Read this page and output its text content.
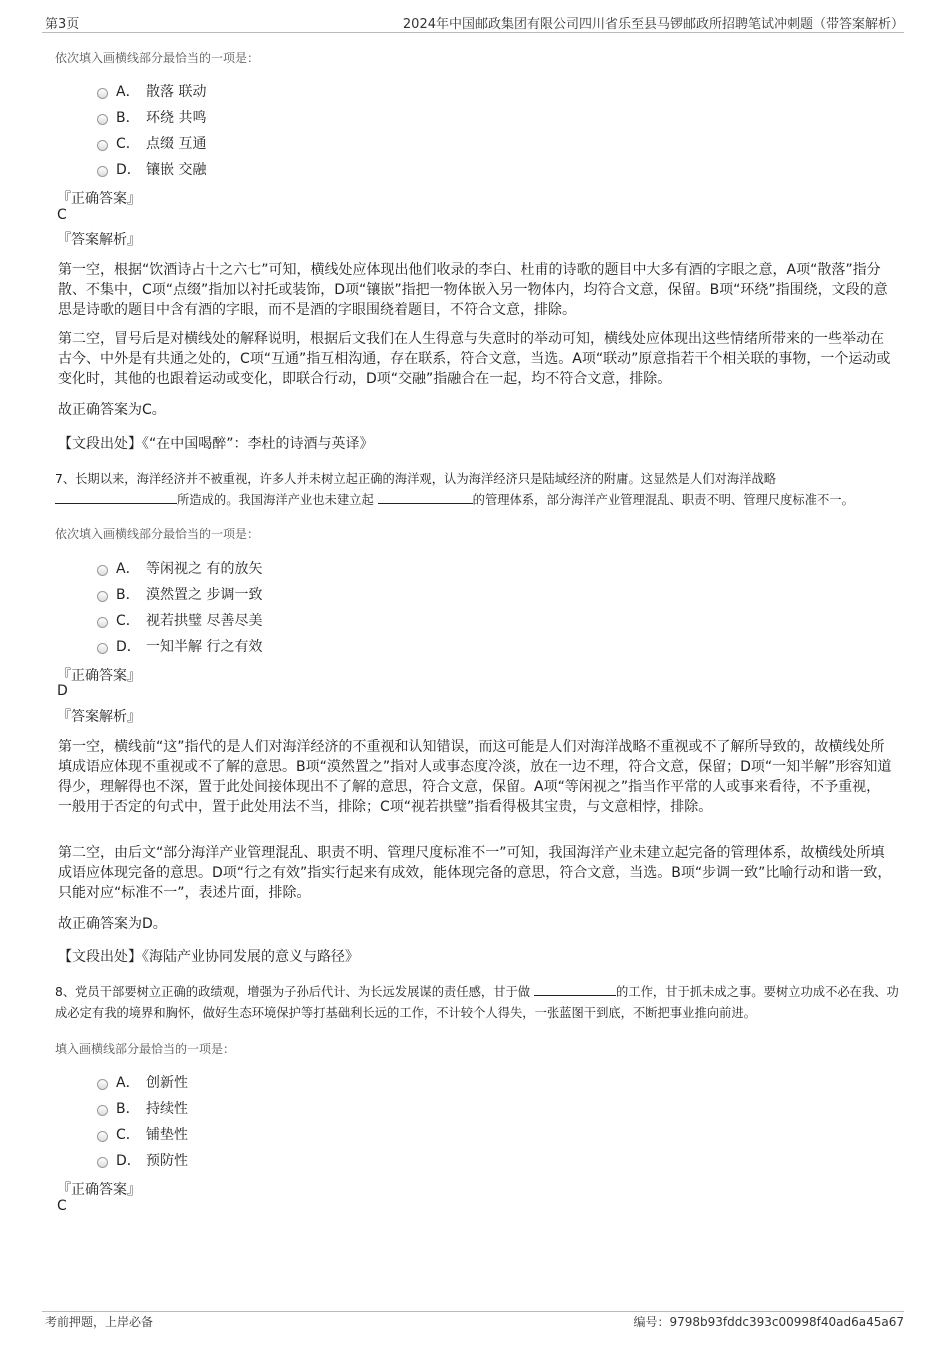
第3页	2024年中国邮政集团有限公司四川省乐至县马锣邮政所招聘笔试冲刺题（带答案解析）
依次填入画横线部分最恰当的一项是：
A． 散落 联动
B． 环绕 共鸣
C． 点缀 互通
D． 镶嵌 交融
『正确答案』
C
『答案解析』
第一空，根据“饮酒诗占十之六七”可知，横线处应体现出他们收录的李白、杜甫的诗歌的题目中大多有酒的字眼之意，A项“散落”指分散、不集中，C项“点缀”指加以衬托或装饰，D项“镶嵌”指把一物体嵌入另一物体内，均符合文意，保留。B项“环绕”指围绕，文段的意思是诗歌的题目中含有酒的字眼，而不是酒的字眼围绕着题目，不符合文意，排除。
第二空，冒号后是对横线处的解释说明，根据后文我们在人生得意与失意时的举动可知，横线处应体现出这些情绪所带来的一些举动在古今、中外是有共通之处的，C项“互通”指互相沟通，存在联系，符合文意，当选。A项“联动”原意指若干个相关联的事物，一个运动或变化时，其他的也跟着运动或变化，即联合行动，D项“交融”指融合在一起，均不符合文意，排除。
故正确答案为C。
【文段出处】《“在中国喝醉”：李杜的诗酒与英译》
7、长期以来，海洋经济并不被重视，许多人并未树立起正确的海洋观，认为海洋经济只是陆域经济的附庸。这显然是人们对海洋战略
所造成的。我国海洋产业也未建立起	的管理体系，部分海洋产业管理混乱、职责不明、管理尺度标准不一。
依次填入画横线部分最恰当的一项是：
A． 等闲视之 有的放矢
B． 漠然置之 步调一致
C． 视若拱璧 尽善尽美
D． 一知半解 行之有效
『正确答案』
D
『答案解析』
第一空，横线前“这”指代的是人们对海洋经济的不重视和认知错误，而这可能是人们对海洋战略不重视或不了解所导致的，故横线处所填成语应体现不重视或不了解的意思。B项“漠然置之”指对人或事态度冷淡，放在一边不理，符合文意，保留；D项“一知半解”形容知道得少，理解得也不深，置于此处间接体现出不了解的意思，符合文意，保留。A项“等闲视之”指当作平常的人或事来看待，不予重视，一般用于否定的句式中，置于此处用法不当，排除；C项“视若拱璧”指看得极其宝贵，与文意相悖，排除。
第二空，由后文“部分海洋产业管理混乱、职责不明、管理尺度标准不一”可知，我国海洋产业未建立起完备的管理体系，故横线处所填成语应体现完备的意思。D项“行之有效”指实行起来有成效，能体现完备的意思，符合文意，当选。B项“步调一致”比喻行动和谐一致，只能对应“标准不一”，表述片面，排除。
故正确答案为D。
【文段出处】《海陆产业协同发展的意义与路径》
8、党员干部要树立正确的政绩观，增强为子孙后代计、为长远发展谋的责任感，甘于做	的工作，甘于抓未成之事。要树立功成不必在我、功成必定有我的境界和胸怀，做好生态环境保护等打基础利长远的工作，不计较个人得失，一张蓝图干到底，不断把事业推向前进。
填入画横线部分最恰当的一项是：
A． 创新性
B． 持续性
C． 铺垫性
D． 预防性
『正确答案』
C
考前押题，上岸必备	编号：9798b93fddc393c00998f40ad6a45a67
